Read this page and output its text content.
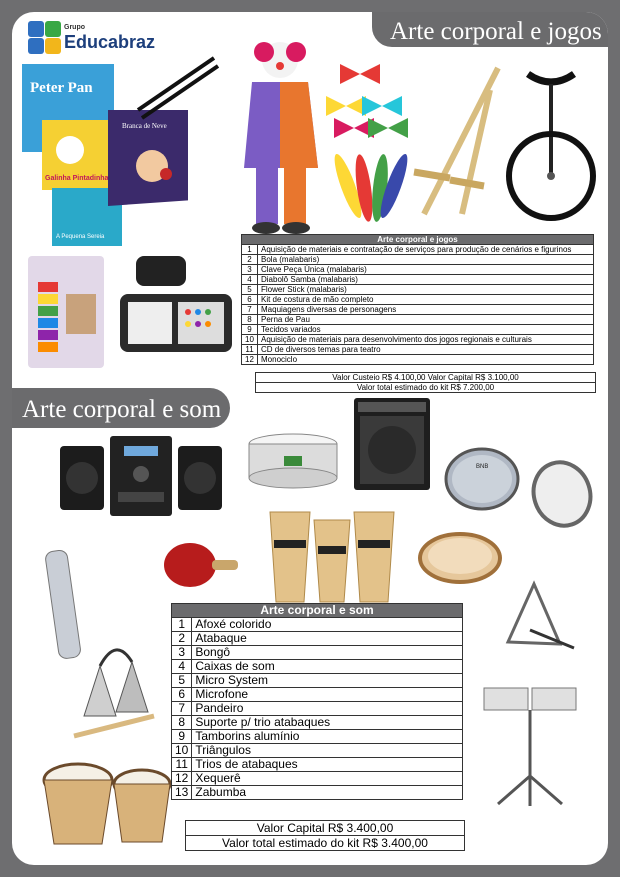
Grupo
Educabraz	Arte corporal e jogos
Peter Pan
Galinha Pintadinha
A Pequena Sereia
Branca de Neve
Arte corporal e jogos	
1	Aquisição de materiais e contratação de serviços para produção de cenários e figurinos
2	Bola (malabaris)
3	Clave Peça Única (malabaris)
4	Diabolô Samba (malabaris)
5	Flower Stick (malabaris)
6	Kit de costura de mão completo
7	Maquiagens diversas de personagens
8	Perna de Pau
9	Tecidos variados
10	Aquisição de materiais para desenvolvimento dos jogos regionais e culturais
11	CD de diversos temas para teatro
12	Monociclo
Valor Custeio R$ 4.100,00 Valor Capital R$ 3.100,00
Valor total estimado do kit R$ 7.200,00
Arte corporal e som
BNB
Arte corporal e som	
1	Afoxé colorido
2	Atabaque
3	Bongô
4	Caixas de som
5	Micro System
6	Microfone
7	Pandeiro
8	Suporte p/ trio atabaques
9	Tamborins alumínio
10	Triângulos
11	Trios de atabaques
12	Xequerê
13	Zabumba
Valor Capital R$ 3.400,00
Valor total estimado do kit R$ 3.400,00
